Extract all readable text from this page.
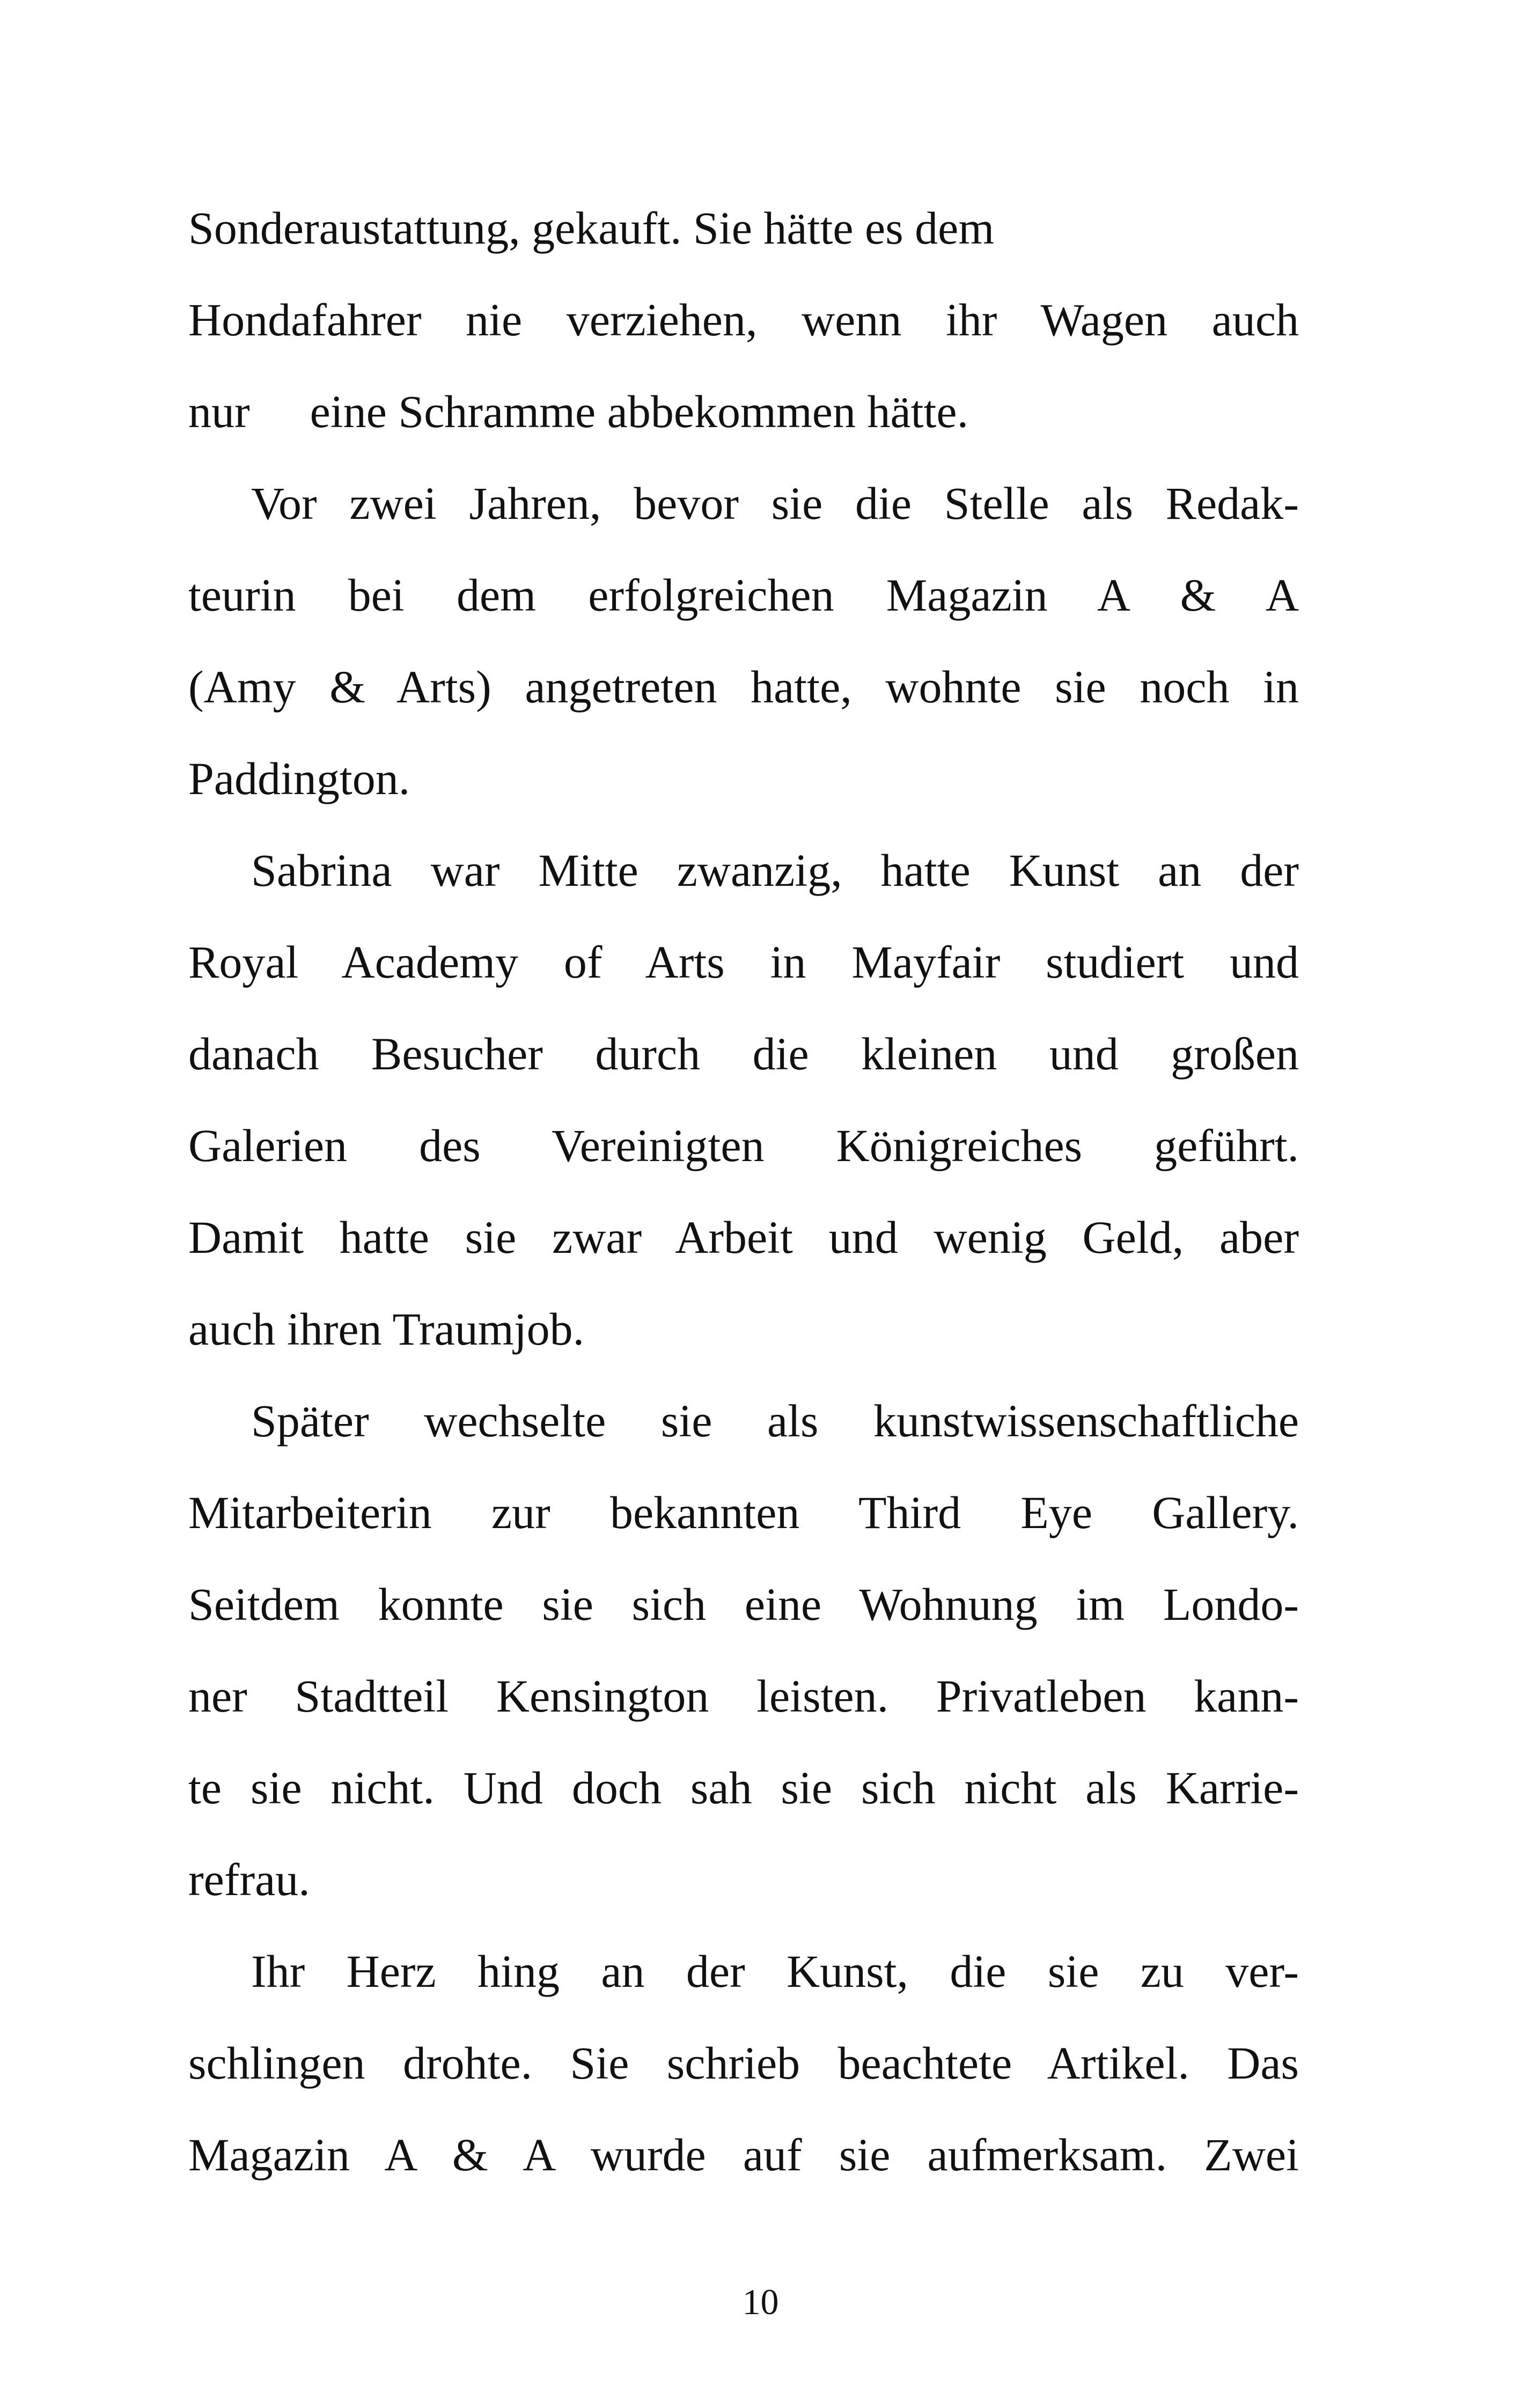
Sonderaustattung, gekauft. Sie hätte es dem
Hondafahrer nie verziehen, wenn ihr Wagen auch
nur eine Schramme abbekommen hätte.
Vor zwei Jahren, bevor sie die Stelle als Redak-
teurin bei dem erfolgreichen Magazin A & A
(Amy & Arts) angetreten hatte, wohnte sie noch in
Paddington.
Sabrina war Mitte zwanzig, hatte Kunst an der
Royal Academy of Arts in Mayfair studiert und
danach Besucher durch die kleinen und großen
Galerien des Vereinigten Königreiches geführt.
Damit hatte sie zwar Arbeit und wenig Geld, aber
auch ihren Traumjob.
Später wechselte sie als kunstwissenschaftliche
Mitarbeiterin zur bekannten Third Eye Gallery.
Seitdem konnte sie sich eine Wohnung im Londo-
ner Stadtteil Kensington leisten. Privatleben kann-
te sie nicht. Und doch sah sie sich nicht als Karrie-
refrau.
Ihr Herz hing an der Kunst, die sie zu ver-
schlingen drohte. Sie schrieb beachtete Artikel. Das
Magazin A & A wurde auf sie aufmerksam. Zwei
10
